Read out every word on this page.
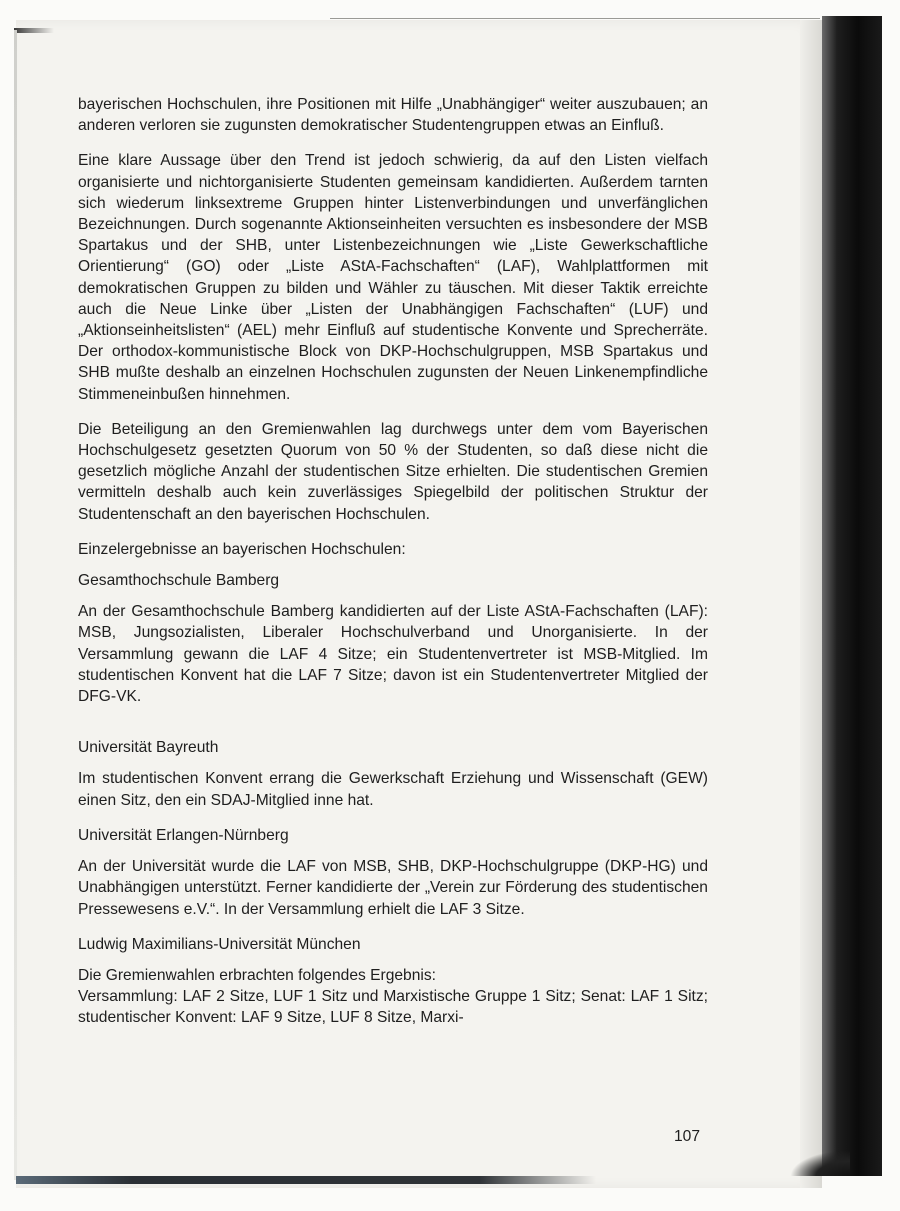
bayerischen Hochschulen, ihre Positionen mit Hilfe „Unabhängiger“ weiter auszubauen; an anderen verloren sie zugunsten demokratischer Studentengruppen etwas an Einfluß.

Eine klare Aussage über den Trend ist jedoch schwierig, da auf den Listen vielfach organisierte und nichtorganisierte Studenten gemeinsam kandidierten. Außerdem tarnten sich wiederum linksextreme Gruppen hinter Listenverbindungen und unverfänglichen Bezeichnungen. Durch sogenannte Aktionseinheiten versuchten es insbesondere der MSB Spartakus und der SHB, unter Listenbezeichnungen wie „Liste Gewerkschaftliche Orientierung“ (GO) oder „Liste AStA-Fachschaften“ (LAF), Wahlplattformen mit demokratischen Gruppen zu bilden und Wähler zu täuschen. Mit dieser Taktik erreichte auch die Neue Linke über „Listen der Unabhängigen Fachschaften“ (LUF) und „Aktionseinheitslisten“ (AEL) mehr Einfluß auf studentische Konvente und Sprecherräte. Der orthodox-kommunistische Block von DKP-Hochschulgruppen, MSB Spartakus und SHB mußte deshalb an einzelnen Hochschulen zugunsten der Neuen Linkenempfindliche Stimmeneinbußen hinnehmen.

Die Beteiligung an den Gremienwahlen lag durchwegs unter dem vom Bayerischen Hochschulgesetz gesetzten Quorum von 50 % der Studenten, so daß diese nicht die gesetzlich mögliche Anzahl der studentischen Sitze erhielten. Die studentischen Gremien vermitteln deshalb auch kein zuverlässiges Spiegelbild der politischen Struktur der Studentenschaft an den bayerischen Hochschulen.

Einzelergebnisse an bayerischen Hochschulen:

Gesamthochschule Bamberg

An der Gesamthochschule Bamberg kandidierten auf der Liste AStA-Fachschaften (LAF): MSB, Jungsozialisten, Liberaler Hochschulverband und Unorganisierte. In der Versammlung gewann die LAF 4 Sitze; ein Studentenvertreter ist MSB-Mitglied. Im studentischen Konvent hat die LAF 7 Sitze; davon ist ein Studentenvertreter Mitglied der DFG-VK.

Universität Bayreuth

Im studentischen Konvent errang die Gewerkschaft Erziehung und Wissenschaft (GEW) einen Sitz, den ein SDAJ-Mitglied inne hat.

Universität Erlangen-Nürnberg

An der Universität wurde die LAF von MSB, SHB, DKP-Hochschulgruppe (DKP-HG) und Unabhängigen unterstützt. Ferner kandidierte der „Verein zur Förderung des studentischen Pressewesens e.V.“. In der Versammlung erhielt die LAF 3 Sitze.

Ludwig Maximilians-Universität München

Die Gremienwahlen erbrachten folgendes Ergebnis:

Versammlung: LAF 2 Sitze, LUF 1 Sitz und Marxistische Gruppe 1 Sitz; Senat: LAF 1 Sitz; studentischer Konvent: LAF 9 Sitze, LUF 8 Sitze, Marxi-

107
